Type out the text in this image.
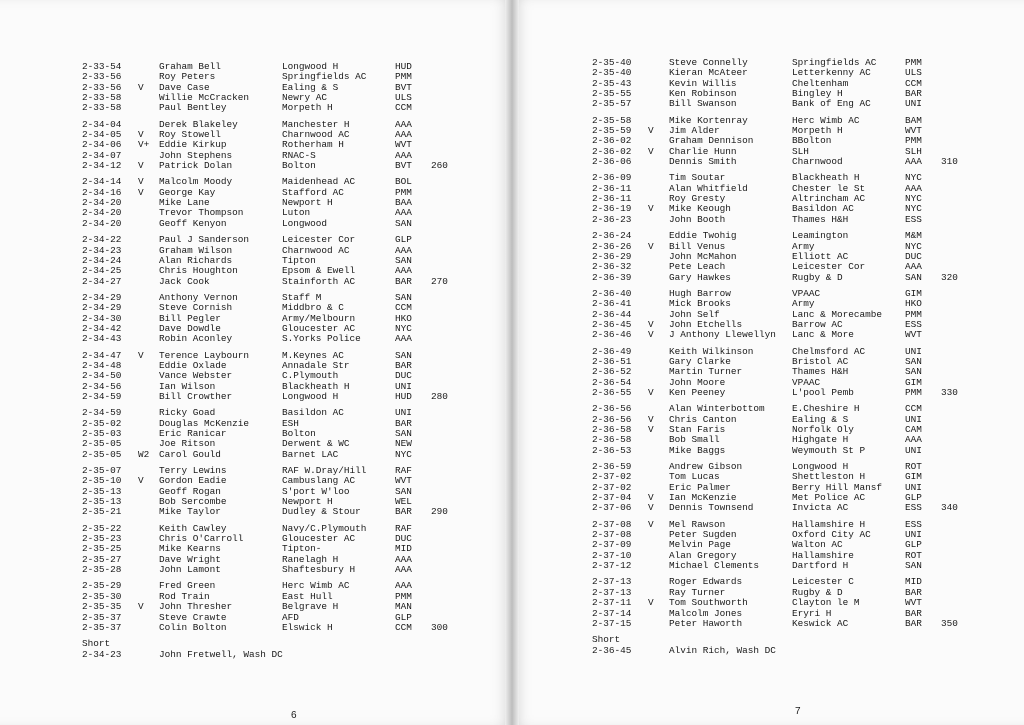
2-33-54	Graham Bell	Longwood H	HUD
2-33-56	Roy Peters	Springfields AC	PMM
2-33-56	V	Dave Case	Ealing & S	BVT
2-33-58	Willie McCracken	Newry AC	ULS
2-33-58	Paul Bentley	Morpeth H	CCM
2-34-04	Derek Blakeley	Manchester H	AAA
2-34-05	V	Roy Stowell	Charnwood AC	AAA
2-34-06	V+	Eddie Kirkup	Rotherham H	WVT
2-34-07	John Stephens	RNAC-S	AAA
2-34-12	V	Patrick Dolan	Bolton	BVT	260
2-34-14	V	Malcolm Moody	Maidenhead AC	BOL
2-34-16	V	George Kay	Stafford AC	PMM
2-34-20	Mike Lane	Newport H	BAA
2-34-20	Trevor Thompson	Luton	AAA
2-34-20	Geoff Kenyon	Longwood	SAN
2-34-22	Paul J Sanderson	Leicester Cor	GLP
2-34-23	Graham Wilson	Charnwood AC	AAA
2-34-24	Alan Richards	Tipton	SAN
2-34-25	Chris Houghton	Epsom & Ewell	AAA
2-34-27	Jack Cook	Stainforth AC	BAR	270
2-34-29	Anthony Vernon	Staff M	SAN
2-34-29	Steve Cornish	Middbro & C	CCM
2-34-30	Bill Pegler	Army/Melbourn	HKO
2-34-42	Dave Dowdle	Gloucester AC	NYC
2-34-43	Robin Aconley	S.Yorks Police	AAA
2-34-47	V	Terence Laybourn	M.Keynes AC	SAN
2-34-48	Eddie Oxlade	Annadale Str	BAR
2-34-50	Vance Webster	C.Plymouth	DUC
2-34-56	Ian Wilson	Blackheath H	UNI
2-34-59	Bill Crowther	Longwood H	HUD	280
2-34-59	Ricky Goad	Basildon AC	UNI
2-35-02	Douglas McKenzie	ESH	BAR
2-35-03	Eric Ranicar	Bolton	SAN
2-35-05	Joe Ritson	Derwent & WC	NEW
2-35-05	W2	Carol Gould	Barnet LAC	NYC
2-35-07	Terry Lewins	RAF W.Dray/Hill	RAF
2-35-10	V	Gordon Eadie	Cambuslang AC	WVT
2-35-13	Geoff Rogan	S'port W'loo	SAN
2-35-13	Bob Sercombe	Newport H	WEL
2-35-21	Mike Taylor	Dudley & Stour	BAR	290
2-35-22	Keith Cawley	Navy/C.Plymouth	RAF
2-35-23	Chris O'Carroll	Gloucester AC	DUC
2-35-25	Mike Kearns	Tipton-	MID
2-35-27	Dave Wright	Ranelagh H	AAA
2-35-28	John Lamont	Shaftesbury H	AAA
2-35-29	Fred Green	Herc Wimb AC	AAA
2-35-30	Rod Train	East Hull	PMM
2-35-35	V	John Thresher	Belgrave H	MAN
2-35-37	Steve Crawte	AFD	GLP
2-35-37	Colin Bolton	Elswick H	CCM	300
Short
2-34-23	John Fretwell, Wash DC
6
2-35-40	Steve Connelly	Springfields AC	PMM
2-35-40	Kieran McAteer	Letterkenny AC	ULS
2-35-43	Kevin Willis	Cheltenham	CCM
2-35-55	Ken Robinson	Bingley H	BAR
2-35-57	Bill Swanson	Bank of Eng AC	UNI
2-35-58	Mike Kortenray	Herc Wimb AC	BAM
2-35-59	V	Jim Alder	Morpeth H	WVT
2-36-02	Graham Dennison	BBolton	PMM
2-36-02	V	Charlie Hunn	SLH	SLH
2-36-06	Dennis Smith	Charnwood	AAA	310
2-36-09	Tim Soutar	Blackheath H	NYC
2-36-11	Alan Whitfield	Chester le St	AAA
2-36-11	Roy Gresty	Altrincham AC	NYC
2-36-19	V	Mike Keough	Basildon AC	NYC
2-36-23	John Booth	Thames H&H	ESS
2-36-24	Eddie Twohig	Leamington	M&M
2-36-26	V	Bill Venus	Army	NYC
2-36-29	John McMahon	Elliott AC	DUC
2-36-32	Pete Leach	Leicester Cor	AAA
2-36-39	Gary Hawkes	Rugby & D	SAN	320
2-36-40	Hugh Barrow	VPAAC	GIM
2-36-41	Mick Brooks	Army	HKO
2-36-44	John Self	Lanc & Morecambe	PMM
2-36-45	V	John Etchells	Barrow AC	ESS
2-36-46	V	J Anthony Llewellyn	Lanc & More	WVT
2-36-49	Keith Wilkinson	Chelmsford AC	UNI
2-36-51	Gary Clarke	Bristol AC	SAN
2-36-52	Martin Turner	Thames H&H	SAN
2-36-54	John Moore	VPAAC	GIM
2-36-55	V	Ken Peeney	L'pool Pemb	PMM	330
2-36-56	Alan Winterbottom	E.Cheshire H	CCM
2-36-56	V	Chris Canton	Ealing & S	UNI
2-36-58	V	Stan Faris	Norfolk Oly	CAM
2-36-58	Bob Small	Highgate H	AAA
2-36-53	Mike Baggs	Weymouth St P	UNI
2-36-59	Andrew Gibson	Longwood H	ROT
2-37-02	Tom Lucas	Shettleston H	GIM
2-37-02	Eric Palmer	Berry Hill Mansf	UNI
2-37-04	V	Ian McKenzie	Met Police AC	GLP
2-37-06	V	Dennis Townsend	Invicta AC	ESS	340
2-37-08	V	Mel Rawson	Hallamshire H	ESS
2-37-08	Peter Sugden	Oxford City AC	UNI
2-37-09	Melvin Page	Walton AC	GLP
2-37-10	Alan Gregory	Hallamshire	ROT
2-37-12	Michael Clements	Dartford H	SAN
2-37-13	Roger Edwards	Leicester C	MID
2-37-13	Ray Turner	Rugby & D	BAR
2-37-11	V	Tom Southworth	Clayton le M	WVT
2-37-14	Malcolm Jones	Eryri H	BAR
2-37-15	Peter Haworth	Keswick AC	BAR	350
Short
2-36-45	Alvin Rich, Wash DC
7
